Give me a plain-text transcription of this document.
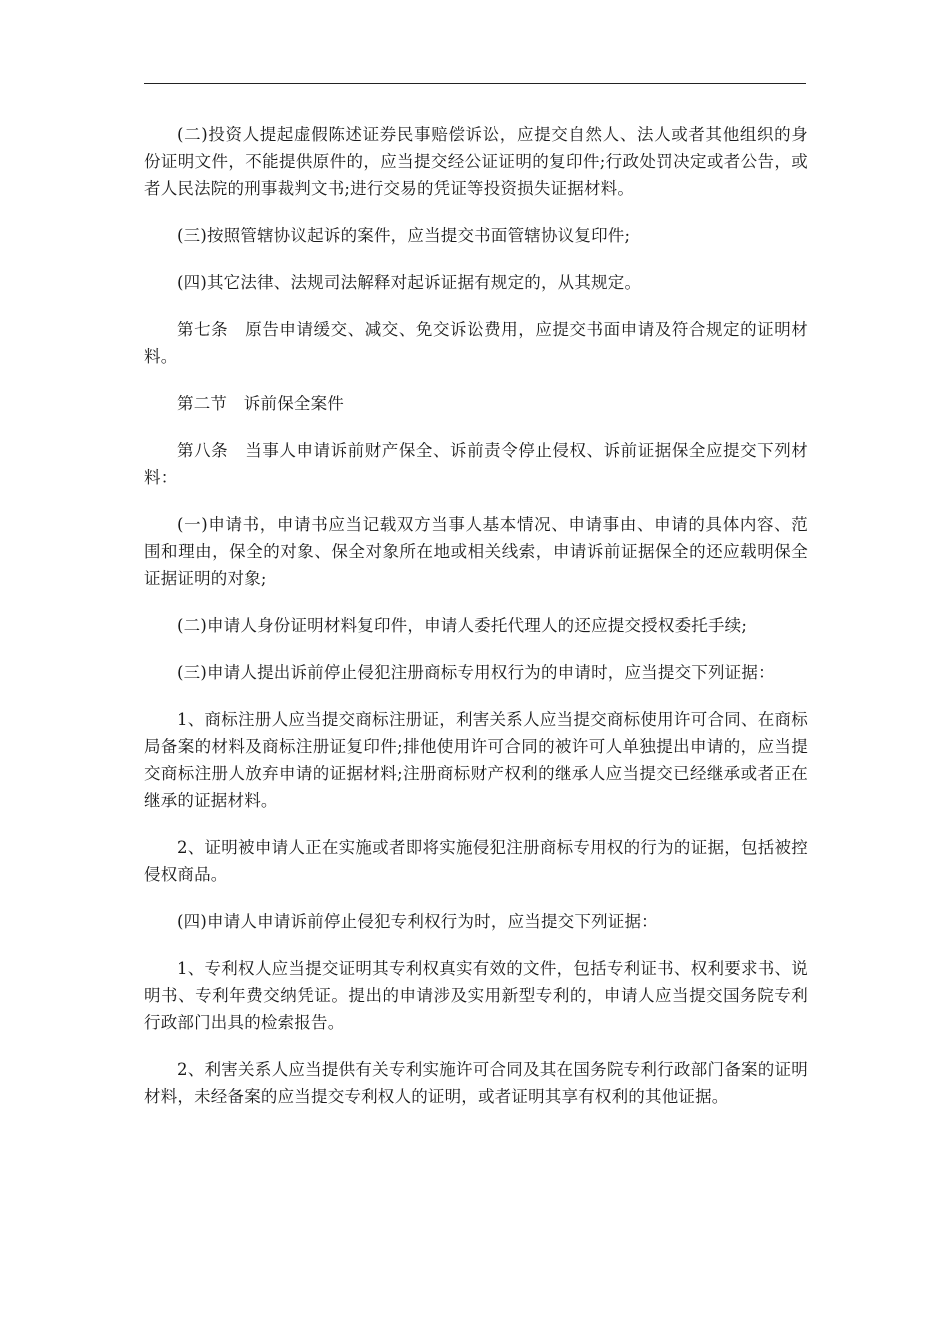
(二)投资人提起虚假陈述证券民事赔偿诉讼，应提交自然人、法人或者其他组织的身份证明文件，不能提供原件的，应当提交经公证证明的复印件;行政处罚决定或者公告，或者人民法院的刑事裁判文书;进行交易的凭证等投资损失证据材料。

(三)按照管辖协议起诉的案件，应当提交书面管辖协议复印件;

(四)其它法律、法规司法解释对起诉证据有规定的，从其规定。

第七条　原告申请缓交、减交、免交诉讼费用，应提交书面申请及符合规定的证明材料。

第二节　诉前保全案件

第八条　当事人申请诉前财产保全、诉前责令停止侵权、诉前证据保全应提交下列材料：

(一)申请书，申请书应当记载双方当事人基本情况、申请事由、申请的具体内容、范围和理由，保全的对象、保全对象所在地或相关线索，申请诉前证据保全的还应载明保全证据证明的对象;

(二)申请人身份证明材料复印件，申请人委托代理人的还应提交授权委托手续;

(三)申请人提出诉前停止侵犯注册商标专用权行为的申请时，应当提交下列证据：

1、商标注册人应当提交商标注册证，利害关系人应当提交商标使用许可合同、在商标局备案的材料及商标注册证复印件;排他使用许可合同的被许可人单独提出申请的，应当提交商标注册人放弃申请的证据材料;注册商标财产权利的继承人应当提交已经继承或者正在继承的证据材料。

2、证明被申请人正在实施或者即将实施侵犯注册商标专用权的行为的证据，包括被控侵权商品。

(四)申请人申请诉前停止侵犯专利权行为时，应当提交下列证据：

1、专利权人应当提交证明其专利权真实有效的文件，包括专利证书、权利要求书、说明书、专利年费交纳凭证。提出的申请涉及实用新型专利的，申请人应当提交国务院专利行政部门出具的检索报告。

2、利害关系人应当提供有关专利实施许可合同及其在国务院专利行政部门备案的证明材料，未经备案的应当提交专利权人的证明，或者证明其享有权利的其他证据。
